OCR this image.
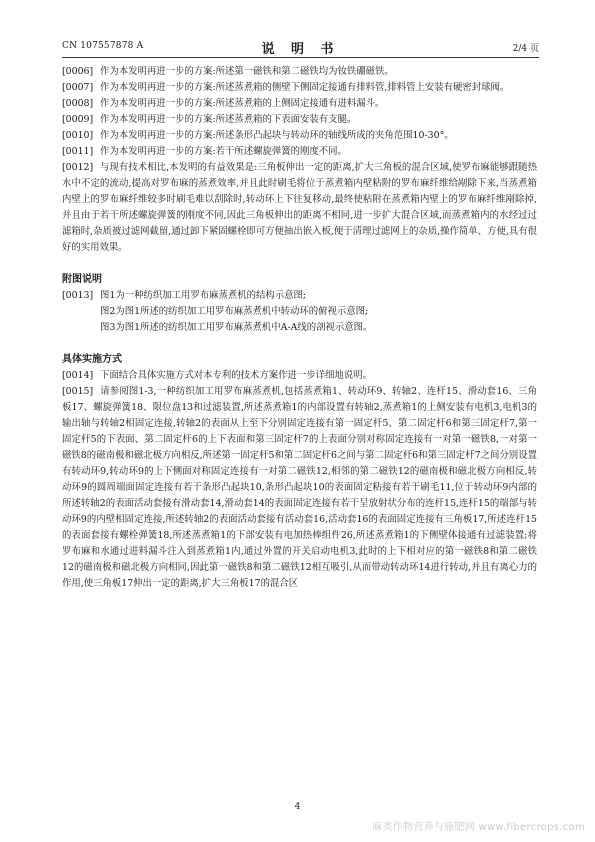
CN 107557878 A	说 明 书	2/4 页

[0006] 作为本发明再进一步的方案:所述第一磁铁和第二磁铁均为钕铁硼磁铁。

[0007] 作为本发明再进一步的方案:所述蒸煮箱的侧壁下侧固定接通有排料管,排料管上安装有硬密封球阀。

[0008] 作为本发明再进一步的方案:所述蒸煮箱的上侧固定接通有进料漏斗。

[0009] 作为本发明再进一步的方案:所述蒸煮箱的下表面安装有支腿。

[0010] 作为本发明再进一步的方案:所述条形凸起块与转动环的轴线所成的夹角范围10-30°。

[0011] 作为本发明再进一步的方案:若干所述螺旋弹簧的刚度不同。

[0012] 与现有技术相比,本发明的有益效果是:三角板伸出一定的距离,扩大三角板的混合区域,使罗布麻能够跟随热水中不定的流动,提高对罗布麻的蒸煮效率,并且此时刷毛将位于蒸煮箱内壁粘附的罗布麻纤维给剐除下来,当蒸煮箱内壁上的罗布麻纤维较多时刷毛难以刮除时,转动环上下往复移动,最终使粘附在蒸煮箱内壁上的罗布麻纤维剐除掉,并且由于若干所述螺旋弹簧的刚度不同,因此三角板伸出的距离不相同,进一步扩大混合区域,而蒸煮箱内的水经过过滤箱时,杂质被过滤网截留,通过卸下紧固螺栓即可方便抽出嵌入板,便于清理过滤网上的杂质,操作简单、方便,具有很好的实用效果。

附图说明

[0013] 图1为一种纺织加工用罗布麻蒸煮机的结构示意图;

图2为图1所述的纺织加工用罗布麻蒸煮机中转动环的俯视示意图;

图3为图1所述的纺织加工用罗布麻蒸煮机中A-A线的剖视示意图。

具体实施方式

[0014] 下面结合具体实施方式对本专利的技术方案作进一步详细地说明。

[0015] 请参阅图1-3,一种纺织加工用罗布麻蒸煮机,包括蒸煮箱1、转动环9、转轴2、连杆15、滑动套16、三角板17、螺旋弹簧18、限位盘13和过滤装置,所述蒸煮箱1的内部设置有转轴2,蒸煮箱1的上侧安装有电机3,电机3的输出轴与转轴2相固定连接,转轴2的表面从上至下分别固定连接有第一固定杆5、第二固定杆6和第三固定杆7,第一固定杆5的下表面、第二固定杆6的上下表面和第三固定杆7的上表面分别对称固定连接有一对第一磁铁8,一对第一磁铁8的磁南极和磁北极方向相反,所述第一固定杆5和第二固定杆6之间与第二固定杆6和第三固定杆7之间分别设置有转动环9,转动环9的上下侧面对称固定连接有一对第二磁铁12,相邻的第二磁铁12的磁南极和磁北极方向相反,转动环9的圆周端面固定连接有若干条形凸起块10,条形凸起块10的表面固定粘接有若干刷毛11,位于转动环9内部的所述转轴2的表面活动套接有滑动套14,滑动套14的表面固定连接有若干呈放射状分布的连杆15,连杆15的端部与转动环9的内壁相固定连接,所述转轴2的表面活动套接有活动套16,活动套16的表面固定连接有三角板17,所述连杆15的表面套接有螺栓弹簧18,所述蒸煮箱1的下部安装有电加热棒组件26,所述蒸煮箱1的下侧壁体接通有过滤装置;将罗布麻和水通过进料漏斗注入到蒸煮箱1内,通过外置的开关启动电机3,此时的上下相对应的第一磁铁8和第二磁铁12的磁南极和磁北极方向相同,因此第一磁铁8和第二磁铁12相互吸引,从而带动转动环14进行转动,并且有离心力的作用,使三角板17伸出一定的距离,扩大三角板17的混合区

4
麻类作物营养与施肥网 www.fibercrops.com
